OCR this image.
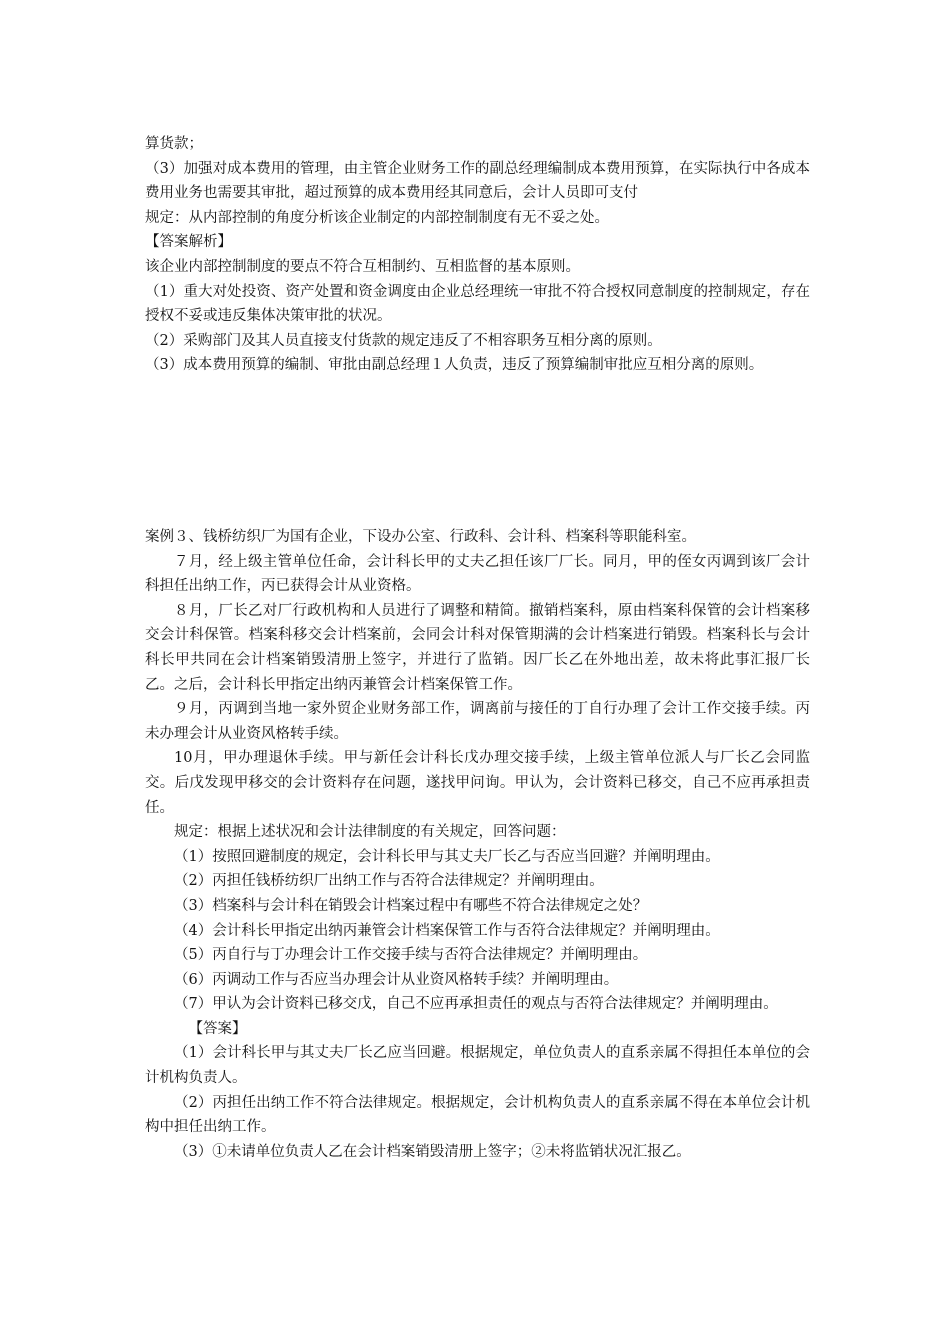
算货款；

（3）加强对成本费用的管理，由主管企业财务工作的副总经理编制成本费用预算，在实际执行中各成本费用业务也需要其审批，超过预算的成本费用经其同意后，会计人员即可支付

规定：从内部控制的角度分析该企业制定的内部控制制度有无不妥之处。

【答案解析】

该企业内部控制制度的要点不符合互相制约、互相监督的基本原则。

（1）重大对处投资、资产处置和资金调度由企业总经理统一审批不符合授权同意制度的控制规定，存在授权不妥或违反集体决策审批的状况。

（2）采购部门及其人员直接支付货款的规定违反了不相容职务互相分离的原则。

（3）成本费用预算的编制、审批由副总经理１人负责，违反了预算编制审批应互相分离的原则。

案例３、钱桥纺织厂为国有企业，下设办公室、行政科、会计科、档案科等职能科室。

７月，经上级主管单位任命，会计科长甲的丈夫乙担任该厂厂长。同月，甲的侄女丙调到该厂会计科担任出纳工作，丙已获得会计从业资格。

８月，厂长乙对厂行政机构和人员进行了调整和精简。撤销档案科，原由档案科保管的会计档案移交会计科保管。档案科移交会计档案前，会同会计科对保管期满的会计档案进行销毁。档案科长与会计科长甲共同在会计档案销毁清册上签字，并进行了监销。因厂长乙在外地出差，故未将此事汇报厂长乙。之后，会计科长甲指定出纳丙兼管会计档案保管工作。

９月，丙调到当地一家外贸企业财务部工作，调离前与接任的丁自行办理了会计工作交接手续。丙未办理会计从业资风格转手续。

10月，甲办理退休手续。甲与新任会计科长戊办理交接手续，上级主管单位派人与厂长乙会同监交。后戊发现甲移交的会计资料存在问题，遂找甲问询。甲认为，会计资料已移交，自己不应再承担责任。

规定：根据上述状况和会计法律制度的有关规定，回答问题：

（1）按照回避制度的规定，会计科长甲与其丈夫厂长乙与否应当回避？并阐明理由。

（2）丙担任钱桥纺织厂出纳工作与否符合法律规定？并阐明理由。

（3）档案科与会计科在销毁会计档案过程中有哪些不符合法律规定之处？

（4）会计科长甲指定出纳丙兼管会计档案保管工作与否符合法律规定？并阐明理由。

（5）丙自行与丁办理会计工作交接手续与否符合法律规定？并阐明理由。

（6）丙调动工作与否应当办理会计从业资风格转手续？并阐明理由。

（7）甲认为会计资料已移交戊，自己不应再承担责任的观点与否符合法律规定？并阐明理由。

【答案】

（1）会计科长甲与其丈夫厂长乙应当回避。根据规定，单位负责人的直系亲属不得担任本单位的会计机构负责人。

（2）丙担任出纳工作不符合法律规定。根据规定，会计机构负责人的直系亲属不得在本单位会计机构中担任出纳工作。

（3）①未请单位负责人乙在会计档案销毁清册上签字；②未将监销状况汇报乙。
